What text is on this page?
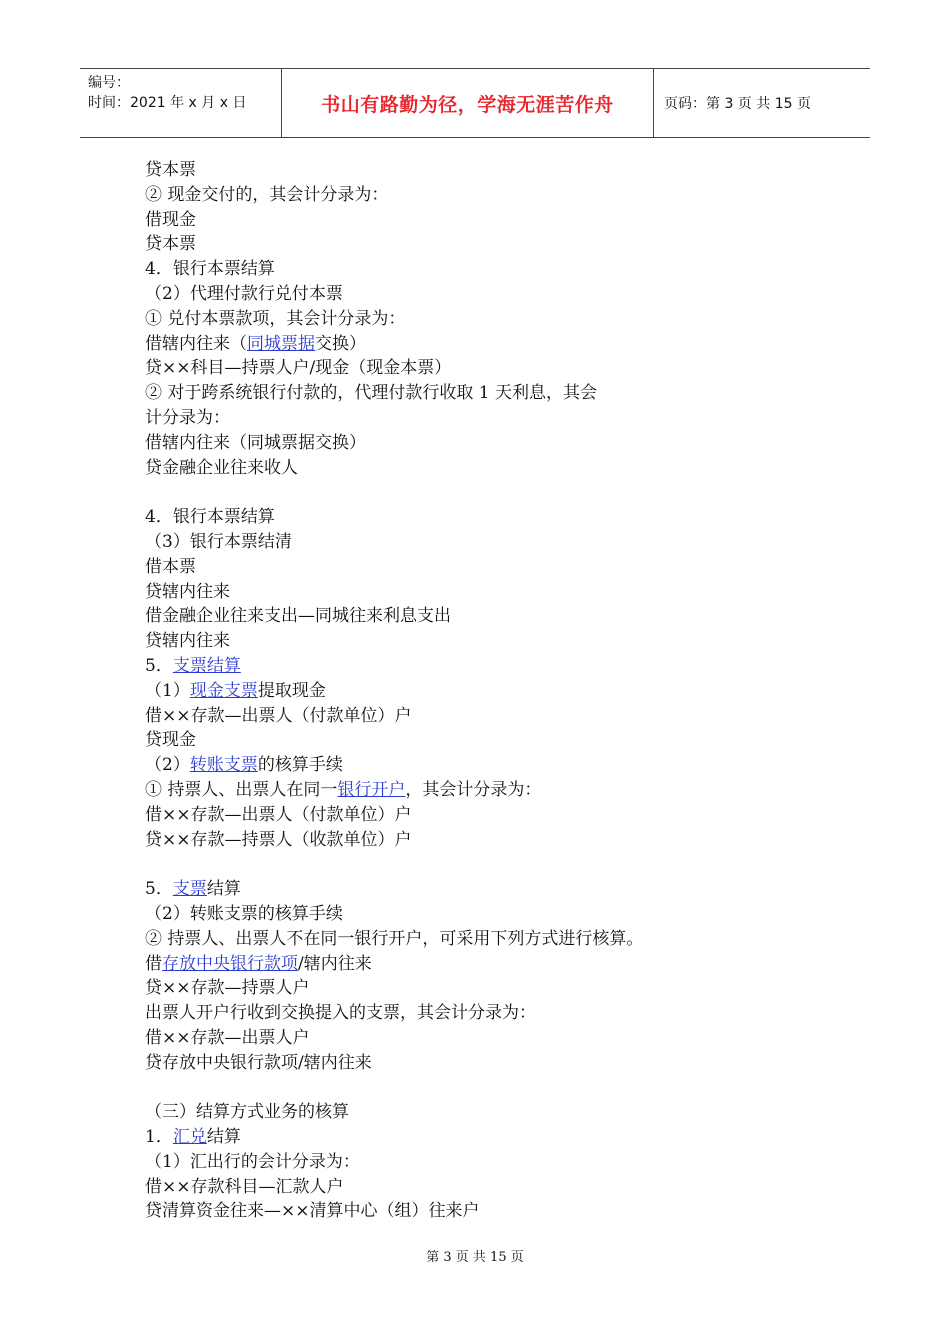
编号：
时间：2021 年 x 月 x 日	书山有路勤为径，学海无涯苦作舟	页码：第 3 页 共 15 页
贷本票
② 现金交付的，其会计分录为：
借现金
贷本票
4．银行本票结算
（2）代理付款行兑付本票
① 兑付本票款项，其会计分录为：
借辖内往来（同城票据交换）
贷××科目—持票人户/现金（现金本票）
② 对于跨系统银行付款的，代理付款行收取 1 天利息，其会
计分录为：
借辖内往来（同城票据交换）
贷金融企业往来收人
4．银行本票结算
（3）银行本票结清
借本票
贷辖内往来
借金融企业往来支出—同城往来利息支出
贷辖内往来
5．支票结算
（1）现金支票提取现金
借××存款—出票人（付款单位）户
贷现金
（2）转账支票的核算手续
① 持票人、出票人在同一银行开户，其会计分录为：
借××存款—出票人（付款单位）户
贷××存款—持票人（收款单位）户
5．支票结算
（2）转账支票的核算手续
② 持票人、出票人不在同一银行开户，可采用下列方式进行核算。
借存放中央银行款项/辖内往来
贷××存款—持票人户
出票人开户行收到交换提入的支票，其会计分录为：
借××存款—出票人户
贷存放中央银行款项/辖内往来
（三）结算方式业务的核算
1．汇兑结算
（1）汇出行的会计分录为：
借××存款科目—汇款人户
贷清算资金往来—××清算中心（组）往来户
第 3 页 共 15 页
